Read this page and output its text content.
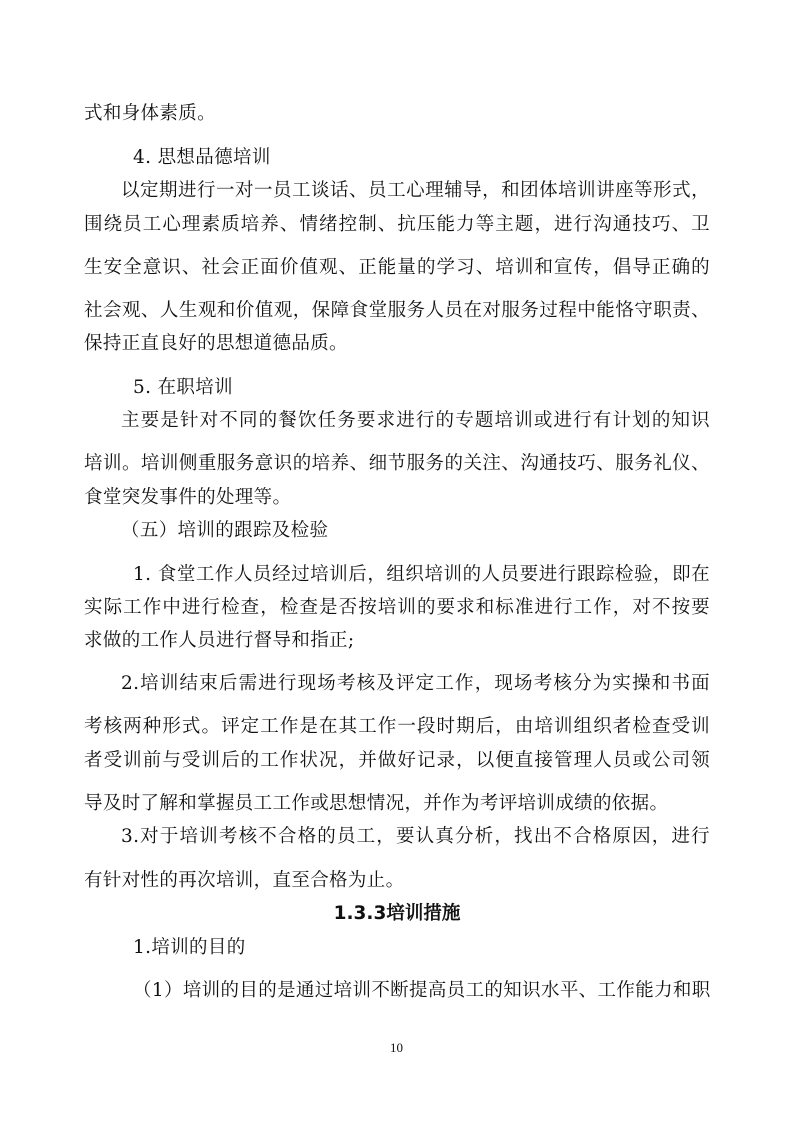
式和身体素质。
4. 思想品德培训
以定期进行一对一员工谈话、员工心理辅导，和团体培训讲座等形式，
围绕员工心理素质培养、情绪控制、抗压能力等主题，进行沟通技巧、卫
生安全意识、社会正面价值观、正能量的学习、培训和宣传，倡导正确的
社会观、人生观和价值观，保障食堂服务人员在对服务过程中能恪守职责、
保持正直良好的思想道德品质。
5. 在职培训
主要是针对不同的餐饮任务要求进行的专题培训或进行有计划的知识
培训。培训侧重服务意识的培养、细节服务的关注、沟通技巧、服务礼仪、
食堂突发事件的处理等。
（五）培训的跟踪及检验
1. 食堂工作人员经过培训后，组织培训的人员要进行跟踪检验，即在
实际工作中进行检查，检查是否按培训的要求和标准进行工作，对不按要
求做的工作人员进行督导和指正;
2.培训结束后需进行现场考核及评定工作，现场考核分为实操和书面
考核两种形式。评定工作是在其工作一段时期后，由培训组织者检查受训
者受训前与受训后的工作状况，并做好记录，以便直接管理人员或公司领
导及时了解和掌握员工工作或思想情况，并作为考评培训成绩的依据。
3.对于培训考核不合格的员工，要认真分析，找出不合格原因，进行
有针对性的再次培训，直至合格为止。
1.3.3培训措施
1.培训的目的
（1）培训的目的是通过培训不断提高员工的知识水平、工作能力和职
10
